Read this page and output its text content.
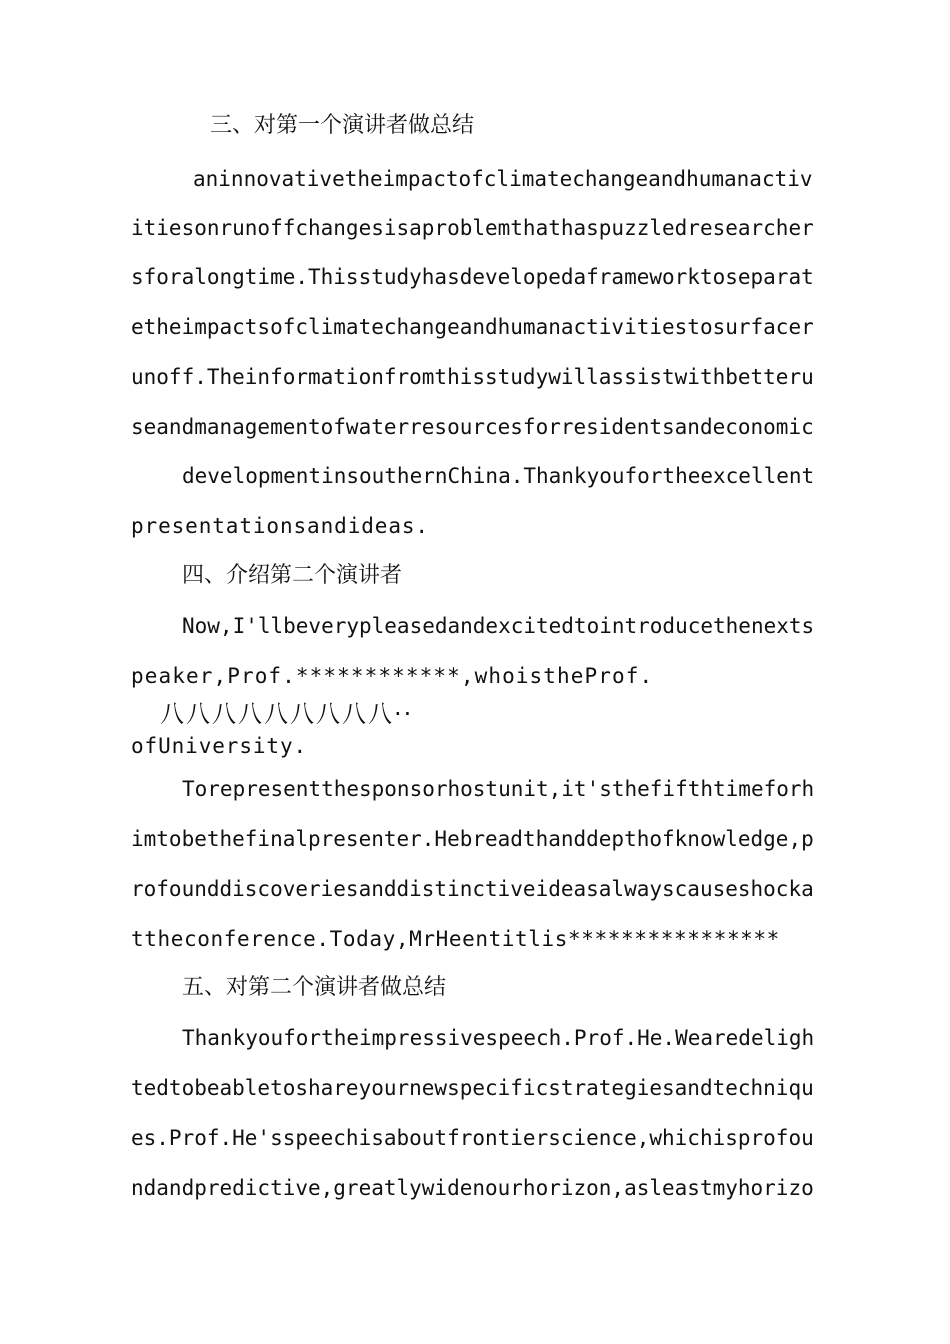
三、对第一个演讲者做总结
aninnovativetheimpactofclimatechangeandhumanactiv
itiesonrunoffchangesisaproblemthathaspuzzledresearcher
sforalongtime.Thisstudyhasdevelopedaframeworktoseparat
etheimpactsofclimatechangeandhumanactivitiestosurfacer
unoff.Theinformationfromthisstudywillassistwithbetteru
seandmanagementofwaterresourcesforresidentsandeconomic
developmentinsouthernChina.Thankyoufortheexcellent
presentationsandideas.
四、介绍第二个演讲者
Now,I'llbeverypleasedandexcitedtointroducethenexts
peaker,Prof.************,whoistheProf.
八八八八八八八八八··
ofUniversity.
Torepresentthesponsorhostunit,it'sthefifthtimeforh
imtobethefinalpresenter.Hebreadthanddepthofknowledge,p
rofounddiscoveriesanddistinctiveideasalwayscauseshocka
ttheconference.Today,MrHeentitlis****************
五、对第二个演讲者做总结
Thankyoufortheimpressivespeech.Prof.He.Wearedeligh
tedtobeabletoshareyournewspecificstrategiesandtechniqu
es.Prof.He'sspeechisaboutfrontierscience,whichisprofou
ndandpredictive,greatlywidenourhorizon,asleastmyhorizo
